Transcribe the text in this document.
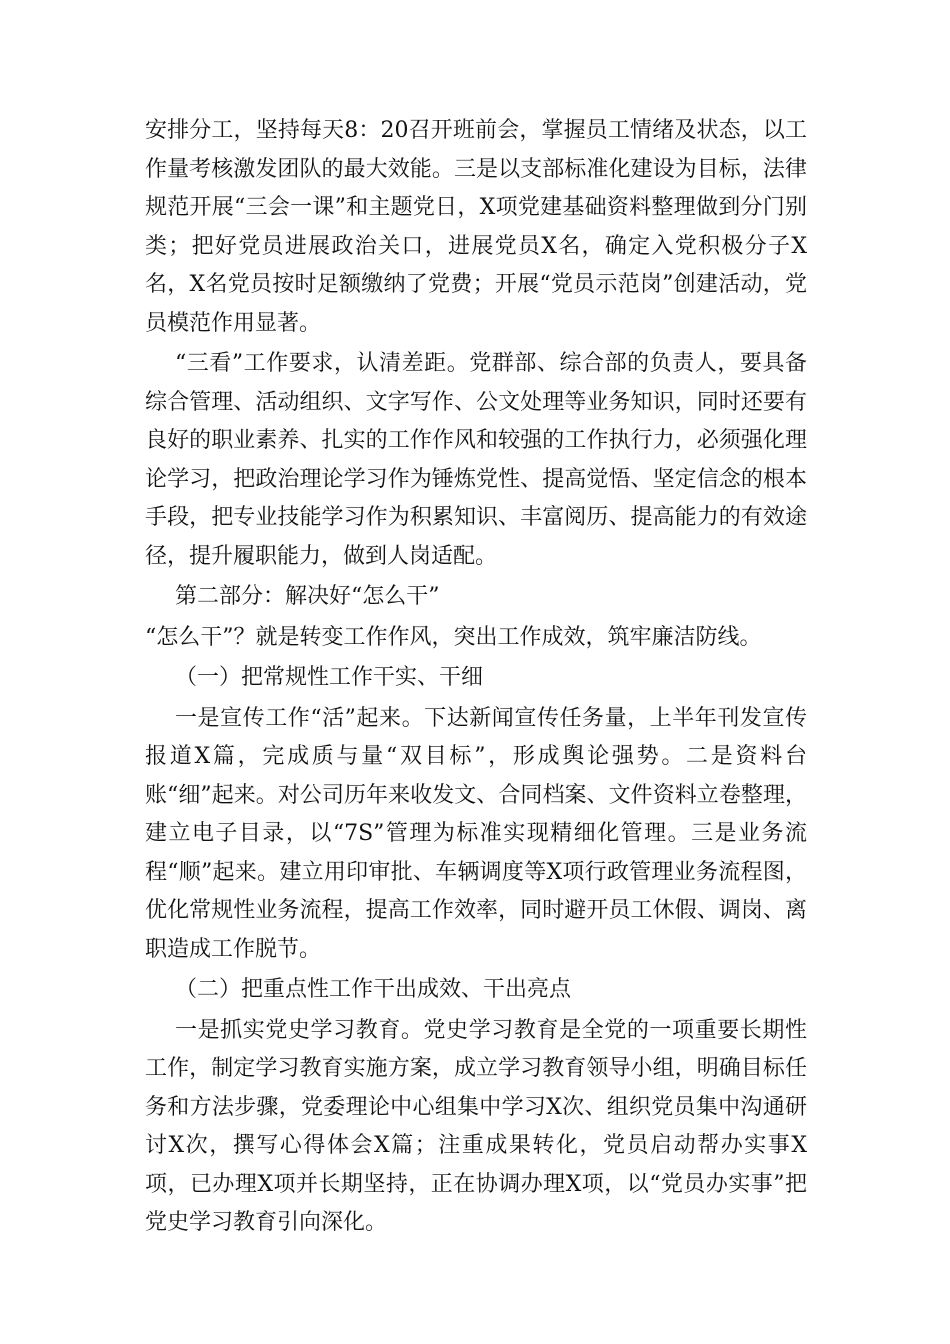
安排分工，坚持每天8：20召开班前会，掌握员工情绪及状态，以工作量考核激发团队的最大效能。三是以支部标准化建设为目标，法律规范开展“三会一课”和主题党日，X项党建基础资料整理做到分门别类；把好党员进展政治关口，进展党员X名，确定入党积极分子X名，X名党员按时足额缴纳了党费；开展“党员示范岗”创建活动，党员模范作用显著。

“三看”工作要求，认清差距。党群部、综合部的负责人，要具备综合管理、活动组织、文字写作、公文处理等业务知识，同时还要有良好的职业素养、扎实的工作作风和较强的工作执行力，必须强化理论学习，把政治理论学习作为锤炼党性、提高觉悟、坚定信念的根本手段，把专业技能学习作为积累知识、丰富阅历、提高能力的有效途径，提升履职能力，做到人岗适配。

第二部分：解决好“怎么干”

“怎么干”？就是转变工作作风，突出工作成效，筑牢廉洁防线。

（一）把常规性工作干实、干细

一是宣传工作“活”起来。下达新闻宣传任务量，上半年刊发宣传报道X篇，完成质与量“双目标”，形成舆论强势。二是资料台账“细”起来。对公司历年来收发文、合同档案、文件资料立卷整理，建立电子目录，以“7S”管理为标准实现精细化管理。三是业务流程“顺”起来。建立用印审批、车辆调度等X项行政管理业务流程图，优化常规性业务流程，提高工作效率，同时避开员工休假、调岗、离职造成工作脱节。

（二）把重点性工作干出成效、干出亮点

一是抓实党史学习教育。党史学习教育是全党的一项重要长期性工作，制定学习教育实施方案，成立学习教育领导小组，明确目标任务和方法步骤，党委理论中心组集中学习X次、组织党员集中沟通研讨X次，撰写心得体会X篇；注重成果转化，党员启动帮办实事X项，已办理X项并长期坚持，正在协调办理X项，以“党员办实事”把党史学习教育引向深化。
